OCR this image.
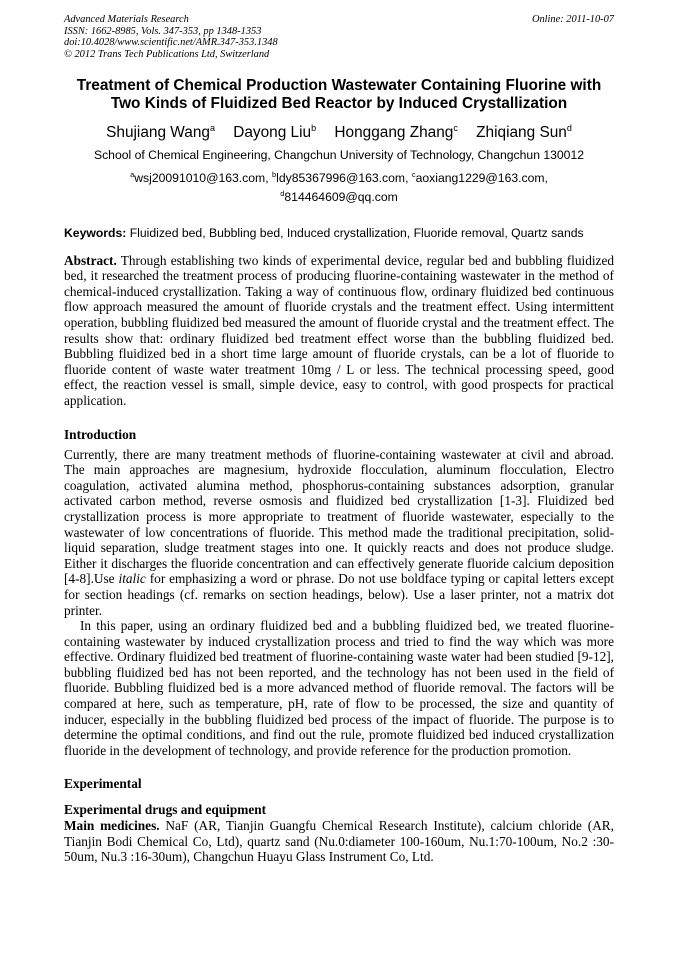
Advanced Materials Research
ISSN: 1662-8985, Vols. 347-353, pp 1348-1353
doi:10.4028/www.scientific.net/AMR.347-353.1348
© 2012 Trans Tech Publications Ltd, Switzerland
Online: 2011-10-07
Treatment of Chemical Production Wastewater Containing Fluorine with
Two Kinds of Fluidized Bed Reactor by Induced Crystallization
Shujiang Wang$^a$ Dayong Liu$^b$ Honggang Zhang$^c$ Zhiqiang Sun$^d$
School of Chemical Engineering, Changchun University of Technology, Changchun 130012
$^a$wsj20091010@163.com, $^b$ldy85367996@163.com, $^c$aoxiang1229@163.com,
$^d$814464609@qq.com
Keywords: Fluidized bed, Bubbling bed, Induced crystallization, Fluoride removal, Quartz sands
Abstract. Through establishing two kinds of experimental device, regular bed and bubbling fluidized bed, it researched the treatment process of producing fluorine-containing wastewater in the method of chemical-induced crystallization. Taking a way of continuous flow, ordinary fluidized bed continuous flow approach measured the amount of fluoride crystals and the treatment effect. Using intermittent operation, bubbling fluidized bed measured the amount of fluoride crystal and the treatment effect. The results show that: ordinary fluidized bed treatment effect worse than the bubbling fluidized bed. Bubbling fluidized bed in a short time large amount of fluoride crystals, can be a lot of fluoride to fluoride content of waste water treatment 10mg / L or less. The technical processing speed, good effect, the reaction vessel is small, simple device, easy to control, with good prospects for practical application.
Introduction
Currently, there are many treatment methods of fluorine-containing wastewater at civil and abroad. The main approaches are magnesium, hydroxide flocculation, aluminum flocculation, Electro coagulation, activated alumina method, phosphorus-containing substances adsorption, granular activated carbon method, reverse osmosis and fluidized bed crystallization [1-3]. Fluidized bed crystallization process is more appropriate to treatment of fluoride wastewater, especially to the wastewater of low concentrations of fluoride. This method made the traditional precipitation, solid-liquid separation, sludge treatment stages into one. It quickly reacts and does not produce sludge. Either it discharges the fluoride concentration and can effectively generate fluoride calcium deposition [4-8].Use italic for emphasizing a word or phrase. Do not use boldface typing or capital letters except for section headings (cf. remarks on section headings, below). Use a laser printer, not a matrix dot printer.

In this paper, using an ordinary fluidized bed and a bubbling fluidized bed, we treated fluorine-containing wastewater by induced crystallization process and tried to find the way which was more effective. Ordinary fluidized bed treatment of fluorine-containing waste water had been studied [9-12], bubbling fluidized bed has not been reported, and the technology has not been used in the field of fluoride. Bubbling fluidized bed is a more advanced method of fluoride removal. The factors will be compared at here, such as temperature, pH, rate of flow to be processed, the size and quantity of inducer, especially in the bubbling fluidized bed process of the impact of fluoride. The purpose is to determine the optimal conditions, and find out the rule, promote fluidized bed induced crystallization fluoride in the development of technology, and provide reference for the production promotion.

Experimental
Experimental drugs and equipment
Main medicines. NaF (AR, Tianjin Guangfu Chemical Research Institute), calcium chloride (AR, Tianjin Bodi Chemical Co, Ltd), quartz sand (Nu.0:diameter 100-160um, Nu.1:70-100um, No.2 :30-50um, Nu.3 :16-30um), Changchun Huayu Glass Instrument Co, Ltd.
